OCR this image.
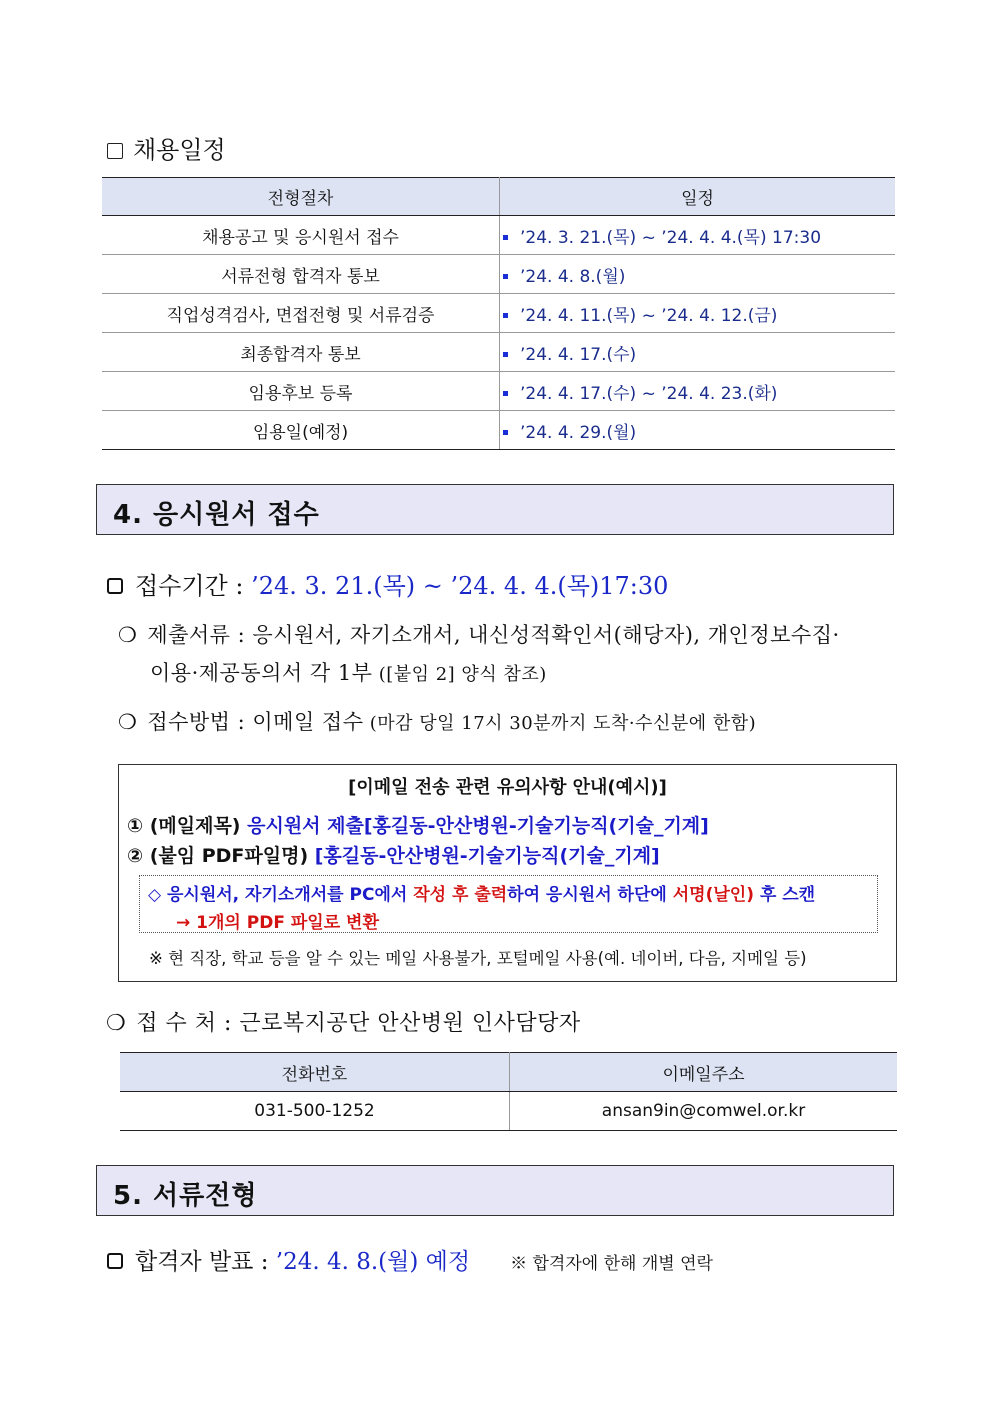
채용일정
전형절차	일정
채용공고 및 응시원서 접수	’24. 3. 21.(목) ~ ’24. 4. 4.(목) 17:30
서류전형 합격자 통보	’24. 4. 8.(월)
직업성격검사, 면접전형 및 서류검증	’24. 4. 11.(목) ~ ’24. 4. 12.(금)
최종합격자 통보	’24. 4. 17.(수)
임용후보 등록	’24. 4. 17.(수) ~ ’24. 4. 23.(화)
임용일(예정)	’24. 4. 29.(월)
4. 응시원서 접수
접수기간 : ’24. 3. 21.(목) ~ ’24. 4. 4.(목)17:30
❍ 제출서류 : 응시원서, 자기소개서, 내신성적확인서(해당자), 개인정보수집·
이용·제공동의서 각 1부 ([붙임 2] 양식 참조)
❍ 접수방법 : 이메일 접수 (마감 당일 17시 30분까지 도착·수신분에 한함)
[이메일 전송 관련 유의사항 안내(예시)]
① (메일제목) 응시원서 제출[홍길동-안산병원-기술기능직(기술_기계]
② (붙임 PDF파일명) [홍길동-안산병원-기술기능직(기술_기계]
◇ 응시원서, 자기소개서를 PC에서 작성 후 출력하여 응시원서 하단에 서명(날인) 후 스캔
→ 1개의 PDF 파일로 변환
※ 현 직장, 학교 등을 알 수 있는 메일 사용불가, 포털메일 사용(예. 네이버, 다음, 지메일 등)
❍ 접 수 처 : 근로복지공단 안산병원 인사담당자
전화번호	이메일주소
031-500-1252	ansan9in@comwel.or.kr
5. 서류전형
합격자 발표 : ’24. 4. 8.(월) 예정 ※ 합격자에 한해 개별 연락
